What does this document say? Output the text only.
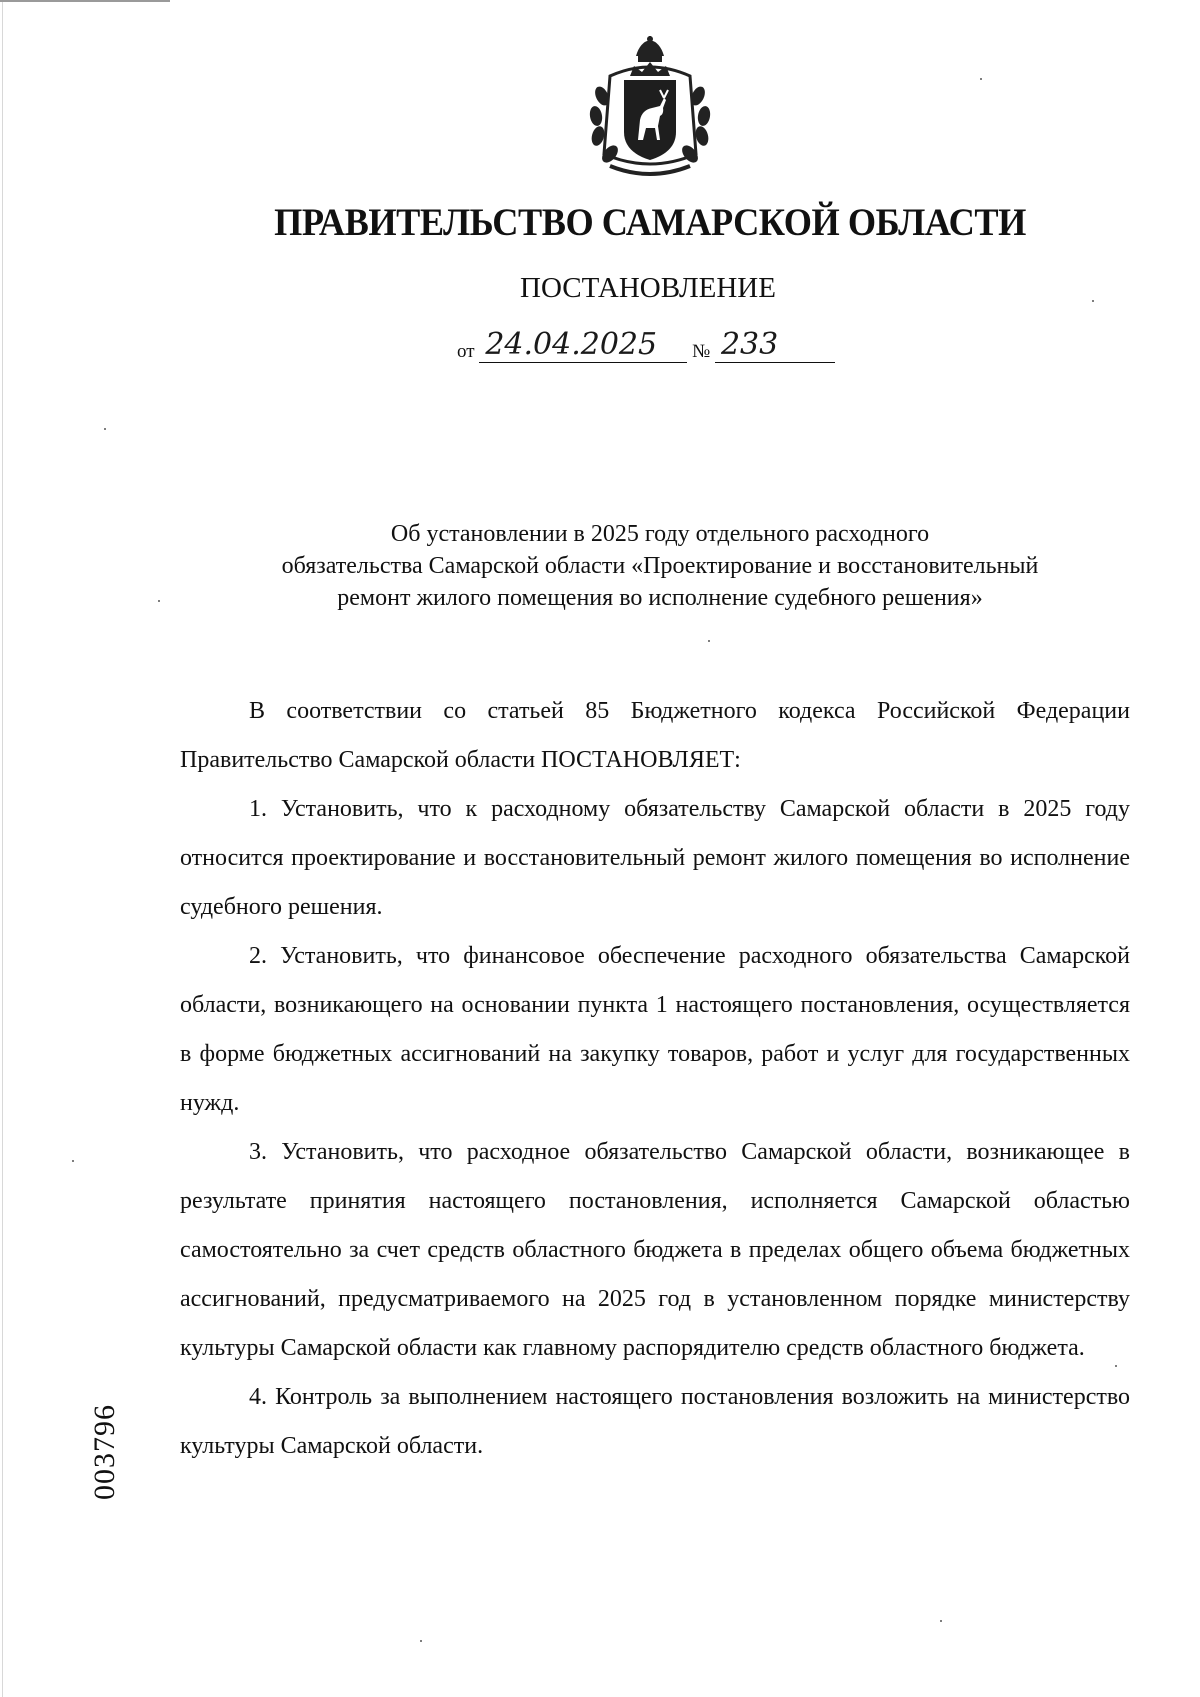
ПРАВИТЕЛЬСТВО САМАРСКОЙ ОБЛАСТИ
ПОСТАНОВЛЕНИЕ
от 24.04.2025 № 233
Об установлении в 2025 году отдельного расходного
обязательства Самарской области «Проектирование и восстановительный
ремонт жилого помещения во исполнение судебного решения»

В соответствии со статьей 85 Бюджетного кодекса Российской Федерации Правительство Самарской области ПОСТАНОВЛЯЕТ:

1. Установить, что к расходному обязательству Самарской области в 2025 году относится проектирование и восстановительный ремонт жилого помещения во исполнение судебного решения.

2. Установить, что финансовое обеспечение расходного обязательства Самарской области, возникающего на основании пункта 1 настоящего постановления, осуществляется в форме бюджетных ассигнований на закупку товаров, работ и услуг для государственных нужд.

3. Установить, что расходное обязательство Самарской области, возникающее в результате принятия настоящего постановления, исполняется Самарской областью самостоятельно за счет средств областного бюджета в пределах общего объема бюджетных ассигнований, предусматриваемого на 2025 год в установленном порядке министерству культуры Самарской области как главному распорядителю средств областного бюджета.

4. Контроль за выполнением настоящего постановления возложить на министерство культуры Самарской области.

003796
